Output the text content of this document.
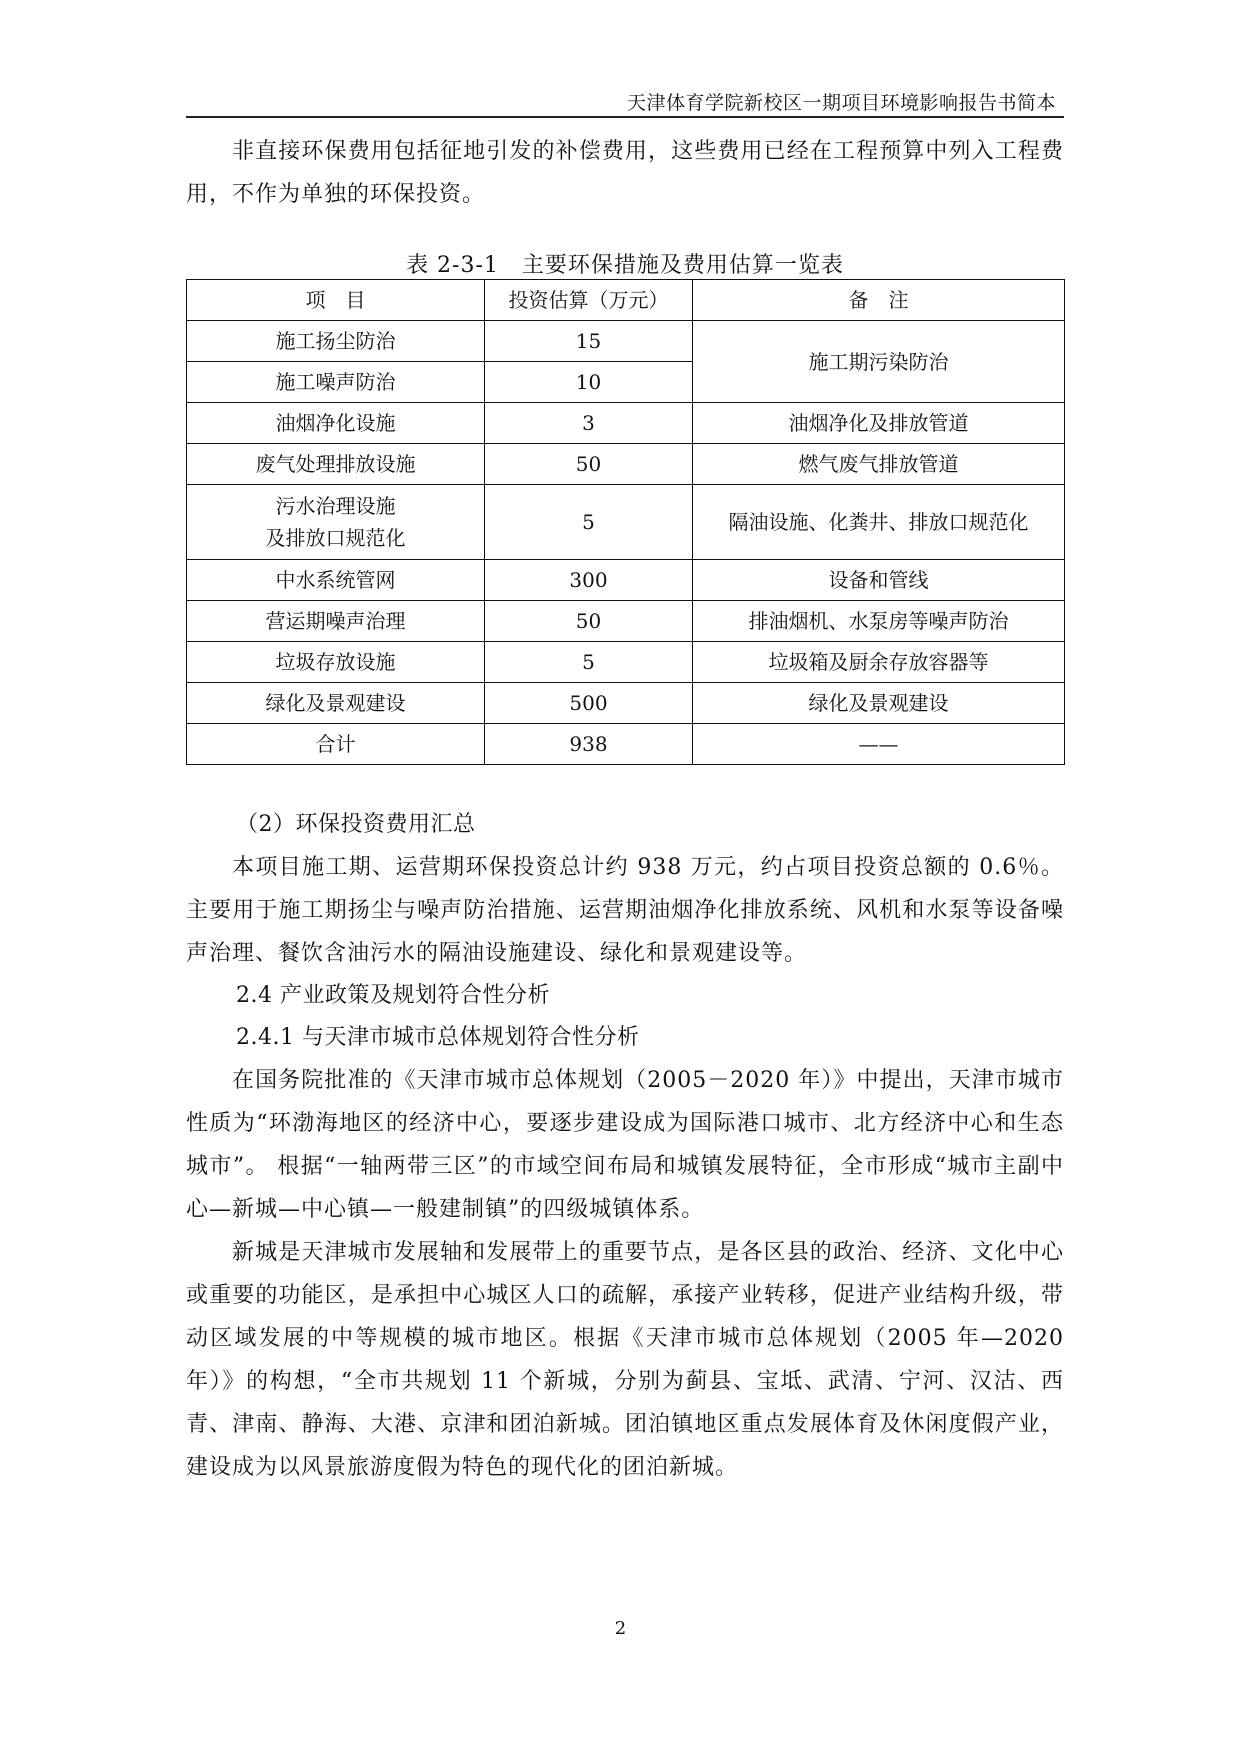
天津体育学院新校区一期项目环境影响报告书简本

非直接环保费用包括征地引发的补偿费用，这些费用已经在工程预算中列入工程费用，不作为单独的环保投资。

表 2-3-1　主要环保措施及费用估算一览表
项　目	投资估算（万元）	备　注
施工扬尘防治	15	施工期污染防治
施工噪声防治	10	
油烟净化设施	3	油烟净化及排放管道
废气处理排放设施	50	燃气废气排放管道

污水治理设施
及排放口规范化	5	隔油设施、化粪井、排放口规范化
中水系统管网	300	设备和管线
营运期噪声治理	50	排油烟机、水泵房等噪声防治
垃圾存放设施	5	垃圾箱及厨余存放容器等
绿化及景观建设	500	绿化及景观建设
合计	938	——

（2）环保投资费用汇总

本项目施工期、运营期环保投资总计约 938 万元，约占项目投资总额的 0.6％。主要用于施工期扬尘与噪声防治措施、运营期油烟净化排放系统、风机和水泵等设备噪声治理、餐饮含油污水的隔油设施建设、绿化和景观建设等。

2.4 产业政策及规划符合性分析

2.4.1 与天津市城市总体规划符合性分析

在国务院批准的《天津市城市总体规划（2005－2020 年）》中提出，天津市城市性质为“环渤海地区的经济中心，要逐步建设成为国际港口城市、北方经济中心和生态城市”。 根据“一轴两带三区”的市域空间布局和城镇发展特征，全市形成“城市主副中心—新城—中心镇—一般建制镇”的四级城镇体系。

新城是天津城市发展轴和发展带上的重要节点，是各区县的政治、经济、文化中心或重要的功能区，是承担中心城区人口的疏解，承接产业转移，促进产业结构升级，带动区域发展的中等规模的城市地区。根据《天津市城市总体规划（2005 年—2020 年）》的构想，“全市共规划 11 个新城，分别为蓟县、宝坻、武清、宁河、汉沽、西青、津南、静海、大港、京津和团泊新城。团泊镇地区重点发展体育及休闲度假产业，建设成为以风景旅游度假为特色的现代化的团泊新城。

2
